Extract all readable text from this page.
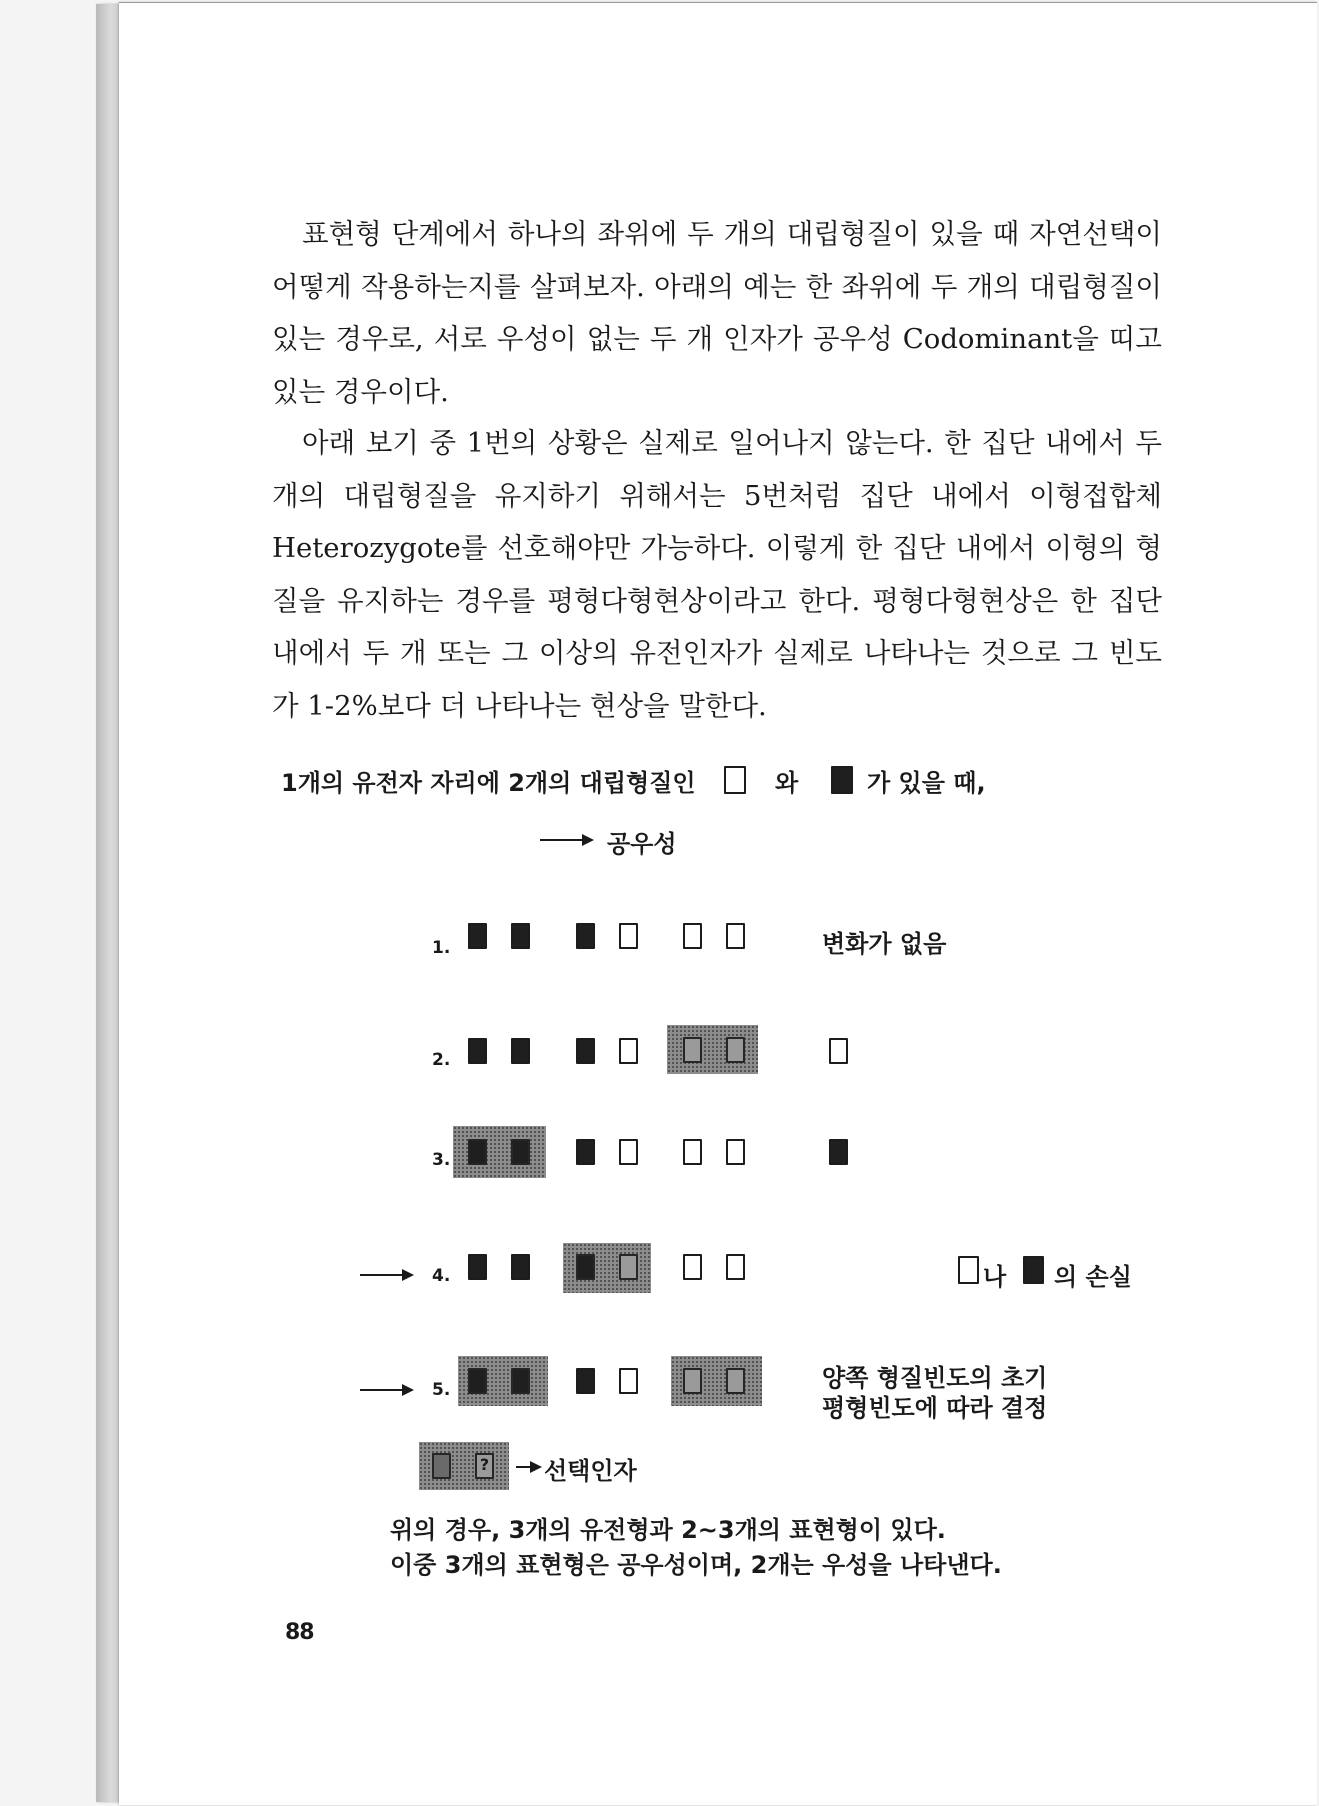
표현형 단계에서 하나의 좌위에 두 개의 대립형질이 있을 때 자연선택이 어떻게 작용하는지를 살펴보자. 아래의 예는 한 좌위에 두 개의 대립형질이 있는 경우로, 서로 우성이 없는 두 개 인자가 공우성 Codominant을 띠고 있는 경우이다.

아래 보기 중 1번의 상황은 실제로 일어나지 않는다. 한 집단 내에서 두 개의 대립형질을 유지하기 위해서는 5번처럼 집단 내에서 이형접합체 Heterozygote를 선호해야만 가능하다. 이렇게 한 집단 내에서 이형의 형질을 유지하는 경우를 평형다형현상이라고 한다. 평형다형현상은 한 집단 내에서 두 개 또는 그 이상의 유전인자가 실제로 나타나는 것으로 그 빈도가 1-2%보다 더 나타나는 현상을 말한다.

1개의 유전자 자리에 2개의 대립형질인	와	가 있을 때,
공우성
1.	변화가 없음
2.
3.
4.	나 의 손실
5.	양쪽 형질빈도의 초기
평형빈도에 따라 결정
? 선택인자
위의 경우, 3개의 유전형과 2~3개의 표현형이 있다.
이중 3개의 표현형은 공우성이며, 2개는 우성을 나타낸다.
88
